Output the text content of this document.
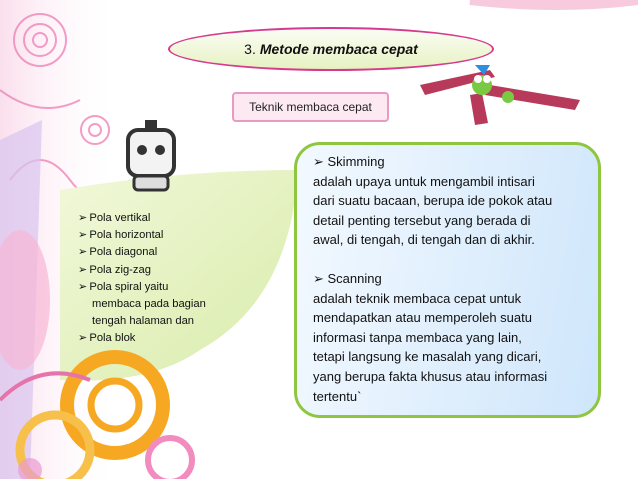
3. Metode membaca cepat
Teknik membaca cepat
➢ Pola vertikal
➢ Pola horizontal
➢ Pola diagonal
➢ Pola zig-zag
➢ Pola spiral yaitu
membaca pada bagian
tengah halaman dan
➢ Pola blok
➢ Skimming
adalah upaya untuk mengambil intisari
dari suatu bacaan, berupa ide pokok atau
detail penting tersebut yang berada di
awal, di tengah, di tengah dan di akhir.
➢ Scanning
adalah teknik membaca cepat untuk
mendapatkan atau memperoleh suatu
informasi tanpa membaca yang lain,
tetapi langsung ke masalah yang dicari,
yang berupa fakta khusus atau informasi
tertentu`
